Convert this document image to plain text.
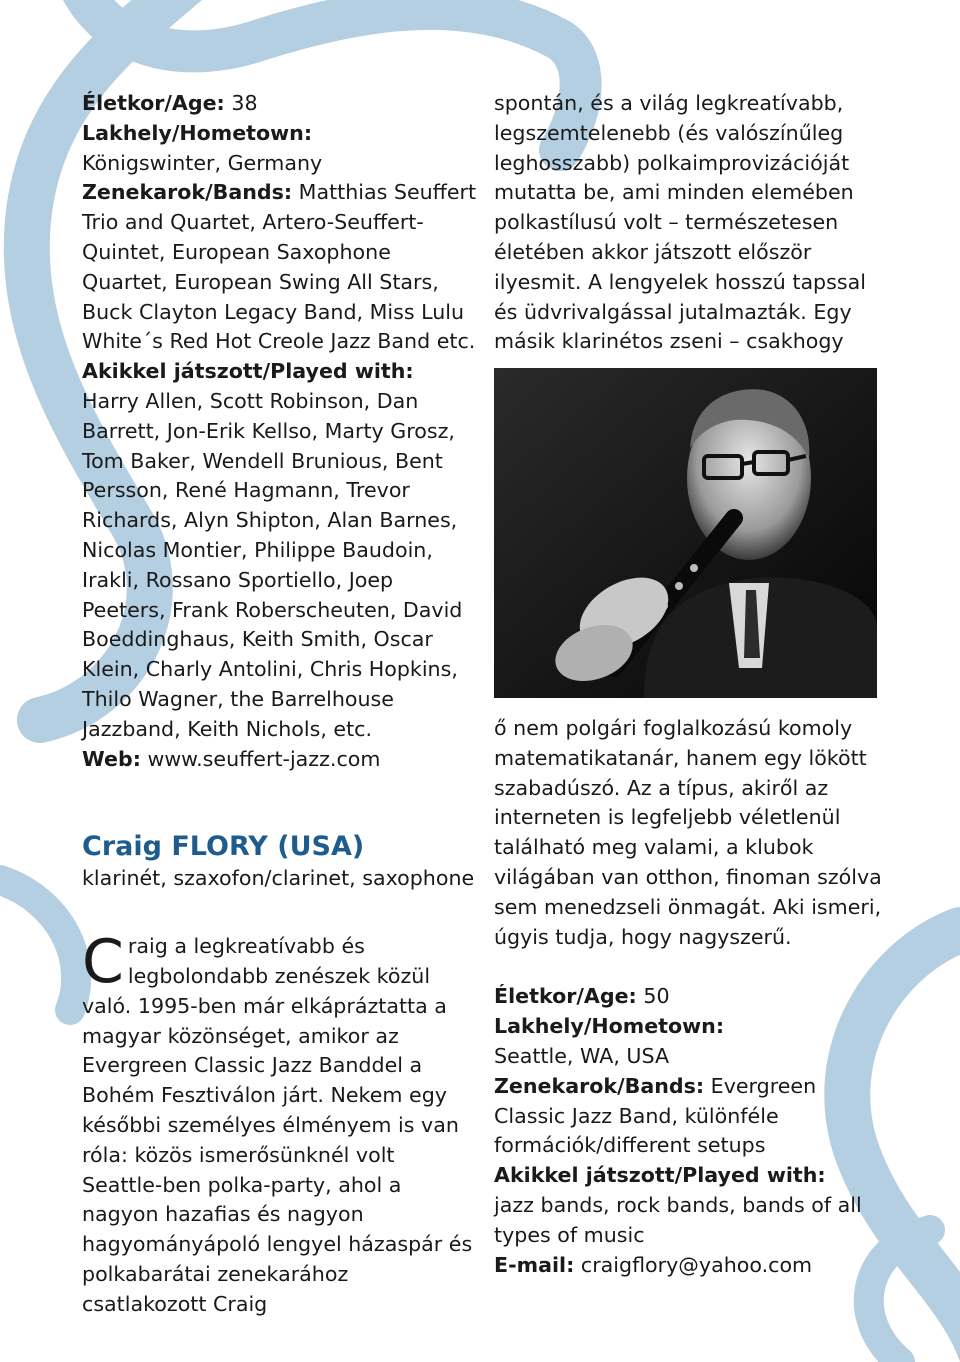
Életkor/Age: 38

Lakhely/Hometown:

Königswinter, Germany

Zenekarok/Bands: Matthias Seuffert Trio and Quartet, Artero-Seuffert-Quintet, European Saxophone Quartet, European Swing All Stars, Buck Clayton Legacy Band, Miss Lulu White´s Red Hot Creole Jazz Band etc.

Akikkel játszott/Played with:

Harry Allen, Scott Robinson, Dan Barrett, Jon-Erik Kellso, Marty Grosz, Tom Baker, Wendell Brunious, Bent Persson, René Hagmann, Trevor Richards, Alyn Shipton, Alan Barnes, Nicolas Montier, Philippe Baudoin, Irakli, Rossano Sportiello, Joep Peeters, Frank Roberscheuten, David Boeddinghaus, Keith Smith, Oscar Klein, Charly Antolini, Chris Hopkins, Thilo Wagner, the Barrelhouse Jazzband, Keith Nichols, etc.

Web: www.seuffert-jazz.com

Craig FLORY (USA)

klarinét, szaxofon/clarinet, saxophone

Craig a legkreatívabb és legbolondabb zenészek közül való. 1995-ben már elkápráztatta a magyar közönséget, amikor az Evergreen Classic Jazz Banddel a Bohém Fesztiválon járt. Nekem egy későbbi személyes élményem is van róla: közös ismerősünknél volt Seattle-ben polka-party, ahol a nagyon hazafias és nagyon hagyományápoló lengyel házaspár és polkabarátai zenekarához csatlakozott Craig

spontán, és a világ legkreatívabb, legszemtelenebb (és valószínűleg leghosszabb) polkaimprovizációját mutatta be, ami minden elemében polkastílusú volt – természetesen életében akkor játszott először ilyesmit. A lengyelek hosszú tapssal és üdvrivalgással jutalmazták. Egy másik klarinétos zseni – csakhogy

ő nem polgári foglalkozású komoly matematikatanár, hanem egy lökött szabadúszó. Az a típus, akiről az interneten is legfeljebb véletlenül található meg valami, a klubok világában van otthon, finoman szólva sem menedzseli önmagát. Aki ismeri, úgyis tudja, hogy nagyszerű.

Életkor/Age: 50

Lakhely/Hometown:

Seattle, WA, USA

Zenekarok/Bands: Evergreen Classic Jazz Band, különféle formációk/different setups

Akikkel játszott/Played with:

jazz bands, rock bands, bands of all types of music

E-mail: craigflory@yahoo.com
